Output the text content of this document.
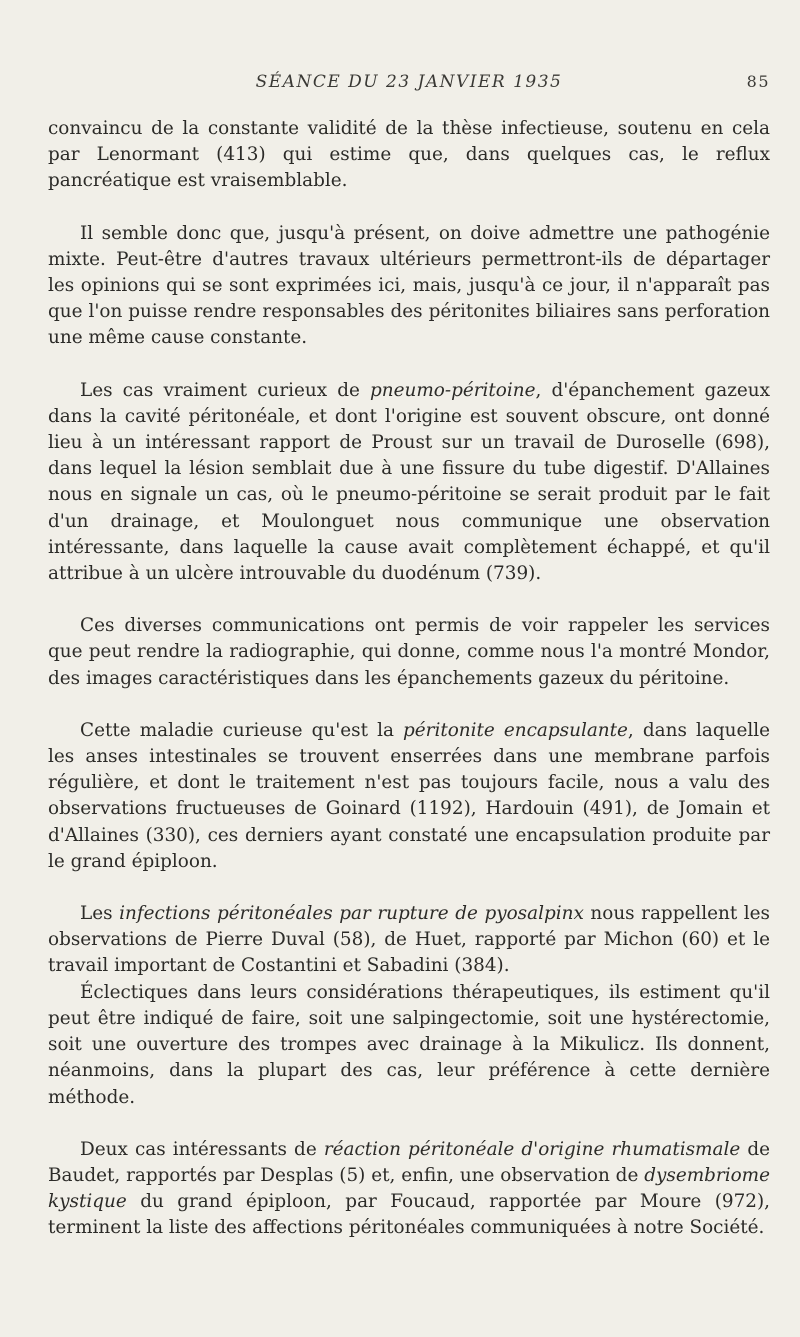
SÉANCE DU 23 JANVIER 1935	85

convaincu de la constante validité de la thèse infectieuse, soutenu en cela par Lenormant (413) qui estime que, dans quelques cas, le reflux pancréatique est vraisemblable.

Il semble donc que, jusqu'à présent, on doive admettre une pathogénie mixte. Peut-être d'autres travaux ultérieurs permettront-ils de départager les opinions qui se sont exprimées ici, mais, jusqu'à ce jour, il n'apparaît pas que l'on puisse rendre responsables des péritonites biliaires sans perforation une même cause constante.

Les cas vraiment curieux de pneumo-péritoine, d'épanchement gazeux dans la cavité péritonéale, et dont l'origine est souvent obscure, ont donné lieu à un intéressant rapport de Proust sur un travail de Duroselle (698), dans lequel la lésion semblait due à une fissure du tube digestif. D'Allaines nous en signale un cas, où le pneumo-péritoine se serait produit par le fait d'un drainage, et Moulonguet nous communique une observation intéressante, dans laquelle la cause avait complètement échappé, et qu'il attribue à un ulcère introuvable du duodénum (739).

Ces diverses communications ont permis de voir rappeler les services que peut rendre la radiographie, qui donne, comme nous l'a montré Mondor, des images caractéristiques dans les épanchements gazeux du péritoine.

Cette maladie curieuse qu'est la péritonite encapsulante, dans laquelle les anses intestinales se trouvent enserrées dans une membrane parfois régulière, et dont le traitement n'est pas toujours facile, nous a valu des observations fructueuses de Goinard (1192), Hardouin (491), de Jomain et d'Allaines (330), ces derniers ayant constaté une encapsulation produite par le grand épiploon.

Les infections péritonéales par rupture de pyosalpinx nous rappellent les observations de Pierre Duval (58), de Huet, rapporté par Michon (60) et le travail important de Costantini et Sabadini (384).

Éclectiques dans leurs considérations thérapeutiques, ils estiment qu'il peut être indiqué de faire, soit une salpingectomie, soit une hystérectomie, soit une ouverture des trompes avec drainage à la Mikulicz. Ils donnent, néanmoins, dans la plupart des cas, leur préférence à cette dernière méthode.

Deux cas intéressants de réaction péritonéale d'origine rhumatismale de Baudet, rapportés par Desplas (5) et, enfin, une observation de dysembriome kystique du grand épiploon, par Foucaud, rapportée par Moure (972), terminent la liste des affections péritonéales communiquées à notre Société.
